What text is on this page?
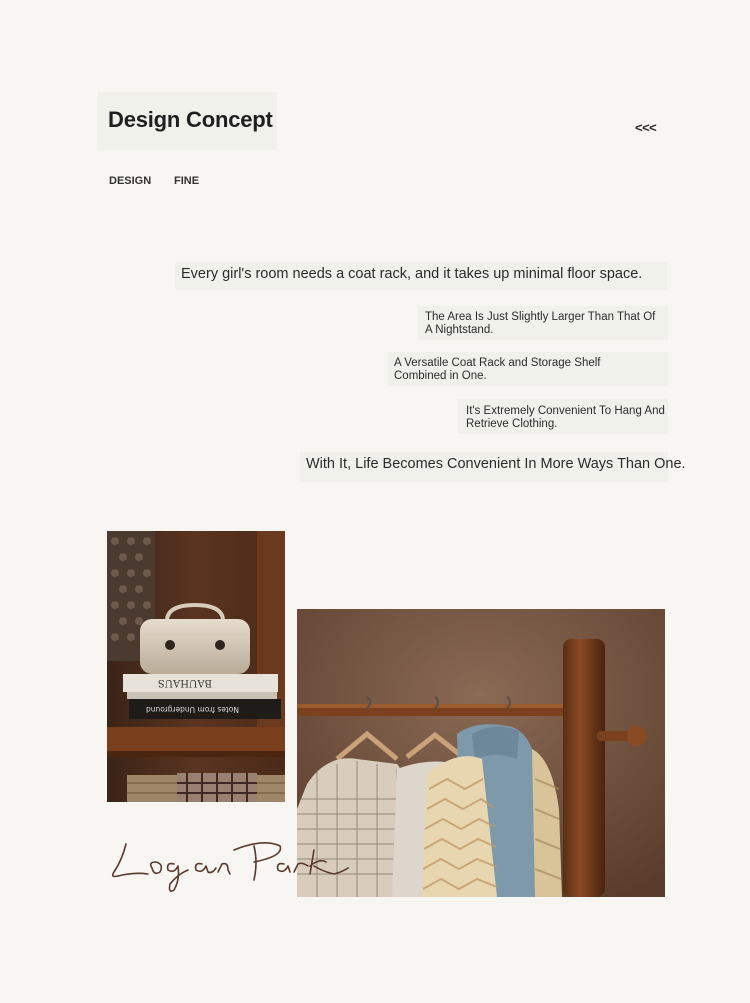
Design Concept	<<<
DESIGN FINE

Every girl's room needs a coat rack, and it takes up minimal floor space.

The Area Is Just Slightly Larger Than That Of A Nightstand.

A Versatile Coat Rack and Storage Shelf Combined in One.

It's Extremely Convenient To Hang And Retrieve Clothing.

With It, Life Becomes Convenient In More Ways Than One.

BAUHAUS
Notes from Underground
